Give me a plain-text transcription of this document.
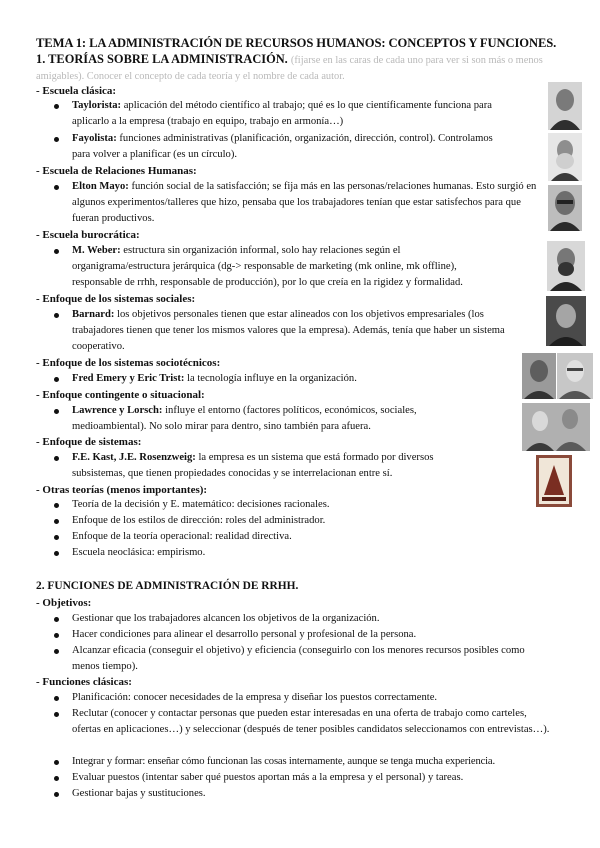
TEMA 1: LA ADMINISTRACIÓN DE RECURSOS HUMANOS: CONCEPTOS Y FUNCIONES.
1. TEORÍAS SOBRE LA ADMINISTRACIÓN. (fijarse en las caras de cada uno para ver si son más o menos amigables). Conocer el concepto de cada teoría y el nombre de cada autor.
- Escuela clásica:
Taylorista: aplicación del método científico al trabajo; qué es lo que científicamente funciona para aplicarlo a la empresa (trabajo en equipo, trabajo en armonía…)
Fayolista: funciones administrativas (planificación, organización, dirección, control). Controlamos para volver a planificar (es un círculo).
- Escuela de Relaciones Humanas:
Elton Mayo: función social de la satisfacción; se fija más en las personas/relaciones humanas. Esto surgió en algunos experimentos/talleres que hizo, pensaba que los trabajadores tenían que estar satisfechos para que fueran productivos.
- Escuela burocrática:
M. Weber: estructura sin organización informal, solo hay relaciones según el organigrama/estructura jerárquica (dg-> responsable de marketing (mk online, mk offline), responsable de rrhh, responsable de producción), por lo que creía en la rigidez y formalidad.
- Enfoque de los sistemas sociales:
Barnard: los objetivos personales tienen que estar alineados con los objetivos empresariales (los trabajadores tienen que tener los mismos valores que la empresa). Además, tenía que haber un sistema cooperativo.
- Enfoque de los sistemas sociotécnicos:
Fred Emery y Eric Trist: la tecnología influye en la organización.
- Enfoque contingente o situacional:
Lawrence y Lorsch: influye el entorno (factores políticos, económicos, sociales, medioambiental). No solo mirar para dentro, sino también para afuera.
- Enfoque de sistemas:
F.E. Kast, J.E. Rosenzweig: la empresa es un sistema que está formado por diversos subsistemas, que tienen propiedades conocidas y se interrelacionan entre sí.
- Otras teorías (menos importantes):
Teoría de la decisión y E. matemático: decisiones racionales.
Enfoque de los estilos de dirección: roles del administrador.
Enfoque de la teoría operacional: realidad directiva.
Escuela neoclásica: empirismo.
2. FUNCIONES DE ADMINISTRACIÓN DE RRHH.
- Objetivos:
Gestionar que los trabajadores alcancen los objetivos de la organización.
Hacer condiciones para alinear el desarrollo personal y profesional de la persona.
Alcanzar eficacia (conseguir el objetivo) y eficiencia (conseguirlo con los menores recursos posibles como menos tiempo).
- Funciones clásicas:
Planificación: conocer necesidades de la empresa y diseñar los puestos correctamente.
Reclutar (conocer y contactar personas que pueden estar interesadas en una oferta de trabajo como carteles, ofertas en aplicaciones…) y seleccionar (después de tener posibles candidatos seleccionamos con entrevistas…).
Integrar y formar: enseñar cómo funcionan las cosas internamente, aunque se tenga mucha experiencia.
Evaluar puestos (intentar saber qué puestos aportan más a la empresa y el personal) y tareas.
Gestionar bajas y sustituciones.
